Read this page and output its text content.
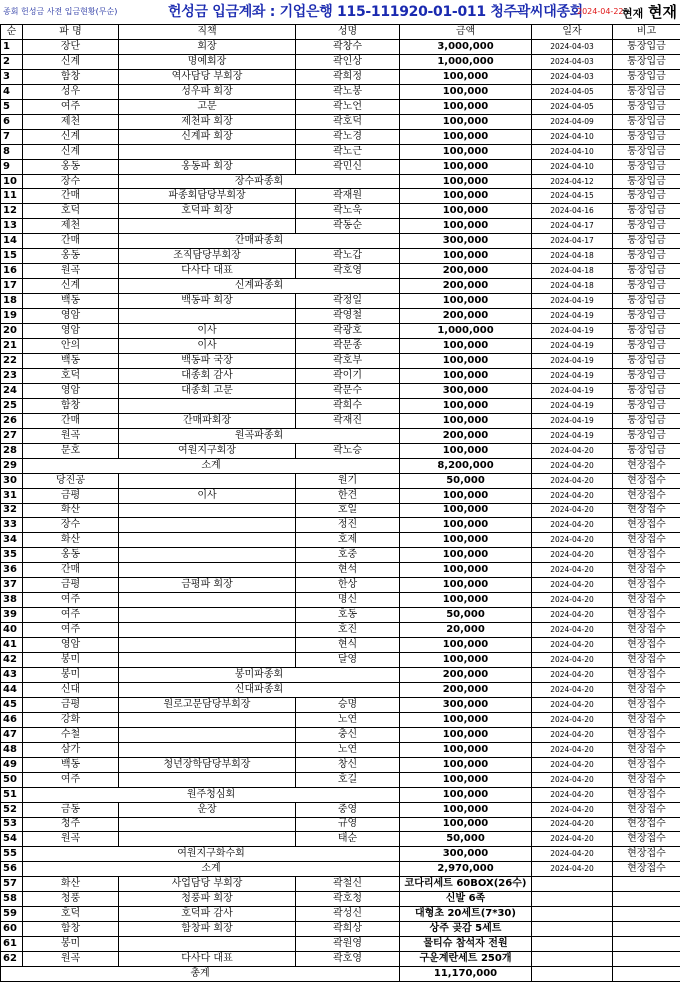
종회 헌성금 사전 입금현황(무순)	헌성금 입금계좌 : 기업은행 115-111920-01-011 청주곽씨대종회
2024-04-22
현재 현재
순	파 명	직책	성명	금액	일자	비고
1	장단	회장	곽창수	3,000,000	2024-04-03	통장입금
2	신계	명예회장	곽인상	1,000,000	2024-04-03	통장입금
3	함창	역사담당 부회장	곽희정	100,000	2024-04-03	통장입금
4	성우	성우파 회장	곽노봉	100,000	2024-04-05	통장입금
5	여주	고문	곽노언	100,000	2024-04-05	통장입금
6	제천	제천파 회장	곽호덕	100,000	2024-04-09	통장입금
7	신계	신계파 회장	곽노경	100,000	2024-04-10	통장입금
8	신계		곽노근	100,000	2024-04-10	통장입금
9	옹동	옹동파 회장	곽민신	100,000	2024-04-10	통장입금
10	장수	장수파종회		100,000	2024-04-12	통장입금
11	간매	파종회담당부회장	곽재원	100,000	2024-04-15	통장입금
12	호덕	호덕파 회장	곽노욱	100,000	2024-04-16	통장입금
13	제천		곽동순	100,000	2024-04-17	통장입금
14	간매	간매파종회		300,000	2024-04-17	통장입금
15	옹동	조직담당부회장	곽노갑	100,000	2024-04-18	통장입금
16	원곡	다사다 대표	곽호영	200,000	2024-04-18	통장입금
17	신계	신계파종회		200,000	2024-04-18	통장입금
18	백동	백동파 회장	곽정일	100,000	2024-04-19	통장입금
19	영암		곽영철	200,000	2024-04-19	통장입금
20	영암	이사	곽광호	1,000,000	2024-04-19	통장입금
21	안의	이사	곽문종	100,000	2024-04-19	통장입금
22	백동	백동파 국장	곽호부	100,000	2024-04-19	통장입금
23	호덕	대종회 감사	곽이기	100,000	2024-04-19	통장입금
24	영암	대종회 고문	곽문수	300,000	2024-04-19	통장입금
25	함창		곽희수	100,000	2024-04-19	통장입금
26	간매	간매파회장	곽재진	100,000	2024-04-19	통장입금
27	원곡	원곡파종회		200,000	2024-04-19	통장입금
28	문호	여원지구회장	곽노승	100,000	2024-04-20	통장입금
29	소계			8,200,000	2024-04-20	현장접수
30	당진공		원기	50,000	2024-04-20	현장접수
31	금평	이사	한견	100,000	2024-04-20	현장접수
32	화산		호일	100,000	2024-04-20	현장접수
33	장수		정진	100,000	2024-04-20	현장접수
34	화산		호제	100,000	2024-04-20	현장접수
35	옹동		호중	100,000	2024-04-20	현장접수
36	간매		현석	100,000	2024-04-20	현장접수
37	금평	금평파 회장	한상	100,000	2024-04-20	현장접수
38	여주		명신	100,000	2024-04-20	현장접수
39	여주		호동	50,000	2024-04-20	현장접수
40	여주		호진	20,000	2024-04-20	현장접수
41	영암		현식	100,000	2024-04-20	현장접수
42	봉미		달영	100,000	2024-04-20	현장접수
43	봉미	봉미파종회		200,000	2024-04-20	현장접수
44	신대	신대파종회		200,000	2024-04-20	현장접수
45	금평	원로고문담당부회장	승명	300,000	2024-04-20	현장접수
46	강화		노연	100,000	2024-04-20	현장접수
47	수철		충신	100,000	2024-04-20	현장접수
48	삼가		노연	100,000	2024-04-20	현장접수
49	백동	청년장학담당부회장	창신	100,000	2024-04-20	현장접수
50	여주		호길	100,000	2024-04-20	현장접수
51	원주청심회			100,000	2024-04-20	현장접수
52	금동	운장	중영	100,000	2024-04-20	현장접수
53	청주		규영	100,000	2024-04-20	현장접수
54	원곡		태순	50,000	2024-04-20	현장접수
55	여원지구화수회			300,000	2024-04-20	현장접수
56	소계			2,970,000	2024-04-20	현장접수
57	화산	사업담당 부회장	곽철신	코다리세트 60BOX(26수)		
58	청풍	청풍파 회장	곽호청	신발 6족		
59	호덕	호덕파 감사	곽성신	대형초 20세트(7*30)		
60	함창	함창파 회장	곽희상	상주 곶감 5세트		
61	봉미		곽원영	물티슈 참석자 전원		
62	원곡	다사다 대표	곽호영	구운계란세트 250개		
총계				11,170,000		
